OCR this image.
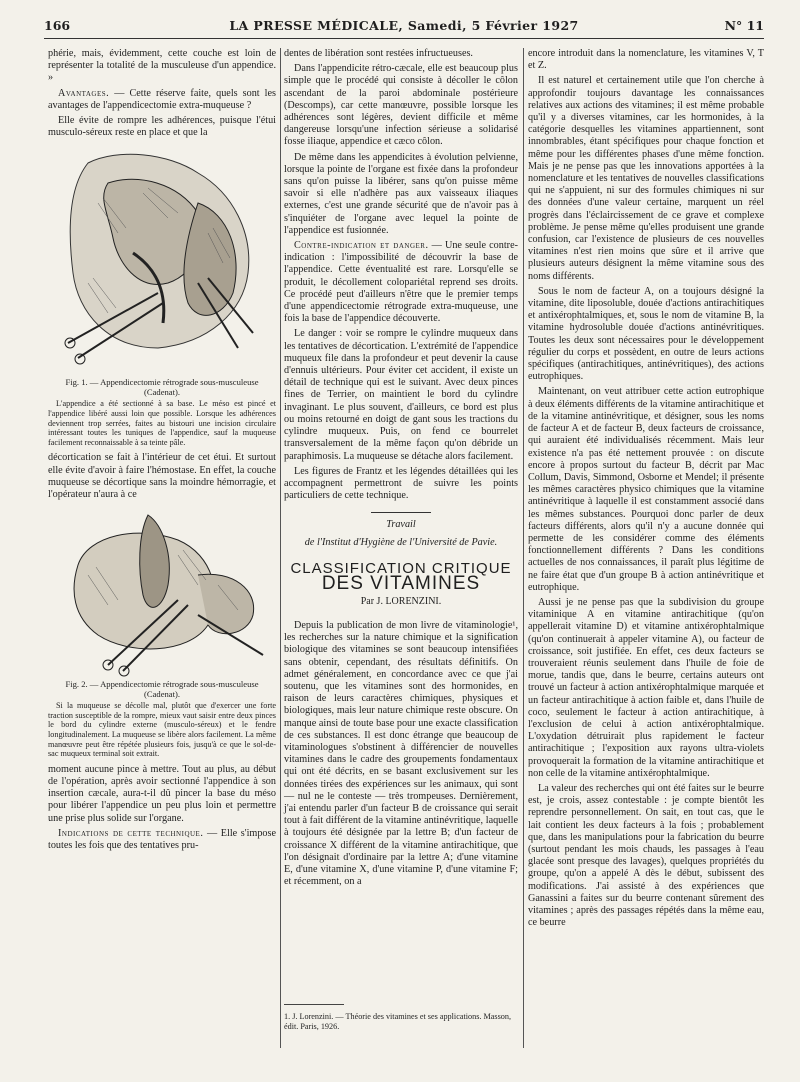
166	LA PRESSE MÉDICALE, Samedi, 5 Février 1927	N° 11

phérie, mais, évidemment, cette couche est loin de représenter la totalité de la musculeuse d'un appendice. »

Avantages. — Cette réserve faite, quels sont les avantages de l'appendicectomie extra-muqueuse ?

Elle évite de rompre les adhérences, puisque l'étui musculo-séreux reste en place et que la

Fig. 1. — Appendicectomie rétrograde sous-musculeuse (Cadenat).
L'appendice a été sectionné à sa base. Le méso est pincé et l'appendice libéré aussi loin que possible. Lorsque les adhérences deviennent trop serrées, faites au bistouri une incision circulaire intéressant toutes les tuniques de l'appendice, sauf la muqueuse facilement reconnaissable à sa teinte pâle.

décortication se fait à l'intérieur de cet étui. Et surtout elle évite d'avoir à faire l'hémostase. En effet, la couche muqueuse se décortique sans la moindre hémorragie, et l'opérateur n'aura à ce

Fig. 2. — Appendicectomie rétrograde sous-musculeuse (Cadenat).
Si la muqueuse se décolle mal, plutôt que d'exercer une forte traction susceptible de la rompre, mieux vaut saisir entre deux pinces le bord du cylindre externe (musculo-séreux) et le fendre longitudinalement. La muqueuse se libère alors facilement. La même manœuvre peut être répétée plusieurs fois, jusqu'à ce que le sol-de-sac muqueux terminal soit extrait.

moment aucune pince à mettre. Tout au plus, au début de l'opération, après avoir sectionné l'appendice à son insertion cæcale, aura-t-il dû pincer la base du méso pour libérer l'appendice un peu plus loin et permettre une prise plus solide sur l'organe.

Indications de cette technique. — Elle s'impose toutes les fois que des tentatives pru-

dentes de libération sont restées infructueuses.

Dans l'appendicite rétro-cæcale, elle est beaucoup plus simple que le procédé qui consiste à décoller le côlon ascendant de la paroi abdominale postérieure (Descomps), car cette manœuvre, possible lorsque les adhérences sont légères, devient difficile et même dangereuse lorsqu'une infection sérieuse a solidarisé fosse iliaque, appendice et cæco côlon.

De même dans les appendicites à évolution pelvienne, lorsque la pointe de l'organe est fixée dans la profondeur sans qu'on puisse la libérer, sans qu'on puisse même savoir si elle n'adhère pas aux vaisseaux iliaques externes, c'est une grande sécurité que de n'avoir pas à s'inquiéter de l'organe avec lequel la pointe de l'appendice est fusionnée.

Contre-indication et danger. — Une seule contre-indication : l'impossibilité de découvrir la base de l'appendice. Cette éventualité est rare. Lorsqu'elle se produit, le décollement colopariétal reprend ses droits. Ce procédé peut d'ailleurs n'être que le premier temps d'une appendicectomie rétrograde extra-muqueuse, une fois la base de l'appendice découverte.

Le danger : voir se rompre le cylindre muqueux dans les tentatives de décortication. L'extrémité de l'appendice muqueux file dans la profondeur et peut devenir la cause d'ennuis ultérieurs. Pour éviter cet accident, il existe un détail de technique qui est le suivant. Avec deux pinces fines de Terrier, on maintient le bord du cylindre invaginant. Le plus souvent, d'ailleurs, ce bord est plus ou moins retourné en doigt de gant sous les tractions du cylindre muqueux. Puis, on fend ce bourrelet transversalement de la même façon qu'on débride un paraphimosis. La muqueuse se détache alors facilement.

Les figures de Frantz et les légendes détaillées qui les accompagnent permettront de suivre les points particuliers de cette technique.

Travail
de l'Institut d'Hygiène de l'Université de Pavie.
CLASSIFICATION CRITIQUE
DES VITAMINES
Par J. LORENZINI.

Depuis la publication de mon livre de vitaminologie¹, les recherches sur la nature chimique et la signification biologique des vitamines se sont beaucoup intensifiées sans obtenir, cependant, des résultats définitifs. On admet généralement, en concordance avec ce que j'ai soutenu, que les vitamines sont des hormonides, en raison de leurs caractères chimiques, physiques et biologiques, mais leur nature chimique reste obscure. On manque ainsi de toute base pour une exacte classification de ces substances. Il est donc étrange que beaucoup de vitaminologues s'obstinent à différencier de nouvelles vitamines dans le cadre des groupements fondamentaux qui ont été décrits, en se basant exclusivement sur les données tirées des expériences sur les animaux, qui sont — nul ne le conteste — très trompeuses. Dernièrement, j'ai entendu parler d'un facteur B de croissance qui serait tout à fait différent de la vitamine antinévritique, laquelle à toujours été désignée par la lettre B; d'un facteur de croissance X différent de la vitamine antirachitique, que l'on désignait d'ordinaire par la lettre A; d'une vitamine E, d'une vitamine X, d'une vitamine P, d'une vitamine F; et récemment, on a

1. J. Lorenzini. — Théorie des vitamines et ses applications. Masson, édit. Paris, 1926.

encore introduit dans la nomenclature, les vitamines V, T et Z.

Il est naturel et certainement utile que l'on cherche à approfondir toujours davantage les connaissances relatives aux actions des vitamines; il est même probable qu'il y a diverses vitamines, car les hormonides, à la catégorie desquelles les vitamines appartiennent, sont innombrables, étant spécifiques pour chaque fonction et même pour les différentes phases d'une même fonction. Mais je ne pense pas que les innovations apportées à la nomenclature et les tentatives de nouvelles classifications qui ne s'appuient, ni sur des formules chimiques ni sur des données d'une valeur certaine, marquent un réel progrès dans l'éclaircissement de ce grave et complexe problème. Je pense même qu'elles produisent une grande confusion, car l'existence de plusieurs de ces nouvelles vitamines n'est rien moins que sûre et il arrive que plusieurs auteurs désignent la même vitamine sous des noms différents.

Sous le nom de facteur A, on a toujours désigné la vitamine, dite liposoluble, douée d'actions antirachitiques et antixérophtalmiques, et, sous le nom de vitamine B, la vitamine hydrosoluble douée d'actions antinévritiques. Toutes les deux sont nécessaires pour le développement régulier du corps et possèdent, en outre de leurs actions spécifiques (antirachitiques, antinévritiques), des actions eutrophiques.

Maintenant, on veut attribuer cette action eutrophique à deux éléments différents de la vitamine antirachitique et de la vitamine antinévritique, et désigner, sous les noms de facteur A et de facteur B, deux facteurs de croissance, qui auraient été individualisés récemment. Mais leur existence n'a pas été nettement prouvée : on discute encore à propos surtout du facteur B, décrit par Mac Collum, Davis, Simmond, Osborne et Mendel; il présente les mêmes caractères physico chimiques que la vitamine antinévritique à laquelle il est constamment associé dans les mêmes substances. Pourquoi donc parler de deux facteurs différents, alors qu'il n'y a aucune donnée qui permette de les considérer comme des éléments fonctionnellement différents ? Dans les conditions actuelles de nos connaissances, il paraît plus légitime de ne faire état que d'un groupe B à action antinévritique et eutrophique.

Aussi je ne pense pas que la subdivision du groupe vitaminique A en vitamine antirachitique (qu'on appellerait vitamine D) et vitamine antixérophtalmique (qu'on continuerait à appeler vitamine A), ou facteur de croissance, soit justifiée. En effet, ces deux facteurs se trouveraient réunis seulement dans l'huile de foie de morue, tandis que, dans le beurre, certains auteurs ont trouvé un facteur à action antixérophtalmique marquée et un facteur antirachitique à action faible et, dans l'huile de coco, seulement le facteur à action antirachitique, à l'exclusion de celui à action antixérophtalmique. L'oxydation détruirait plus rapidement le facteur antirachitique ; l'exposition aux rayons ultra-violets provoquerait la formation de la vitamine antirachitique et non celle de la vitamine antixérophtalmique.

La valeur des recherches qui ont été faites sur le beurre est, je crois, assez contestable : je compte bientôt les reprendre personnellement. On sait, en tout cas, que le lait contient les deux facteurs à la fois ; probablement que, dans les manipulations pour la fabrication du beurre (surtout pendant les mois chauds, les passages à l'eau glacée sont presque des lavages), quelques propriétés du groupe, qu'on a appelé A dès le début, subissent des modifications. J'ai assisté à des expériences que Ganassini a faites sur du beurre contenant sûrement des vitamines ; après des passages répétés dans la même eau, ce beurre
